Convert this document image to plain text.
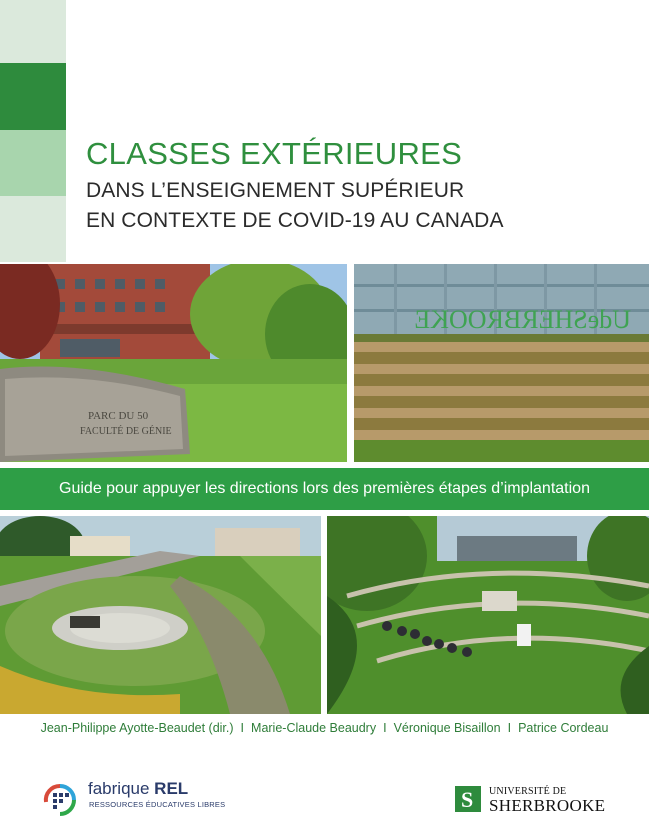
CLASSES EXTÉRIEURES
DANS L’ENSEIGNEMENT SUPÉRIEUR
EN CONTEXTE DE COVID-19 AU CANADA
PARC DU 50
FACULTÉ DE GÉNIE
UdeSHERBROOKE
Guide pour appuyer les directions lors des premières étapes d’implantation
Jean-Philippe Ayotte-Beaudet (dir.) I Marie-Claude Beaudry I Véronique Bisaillon I Patrice Cordeau
fabrique REL
RESSOURCES ÉDUCATIVES LIBRES	S UNIVERSITÉ DE
SHERBROOKE
